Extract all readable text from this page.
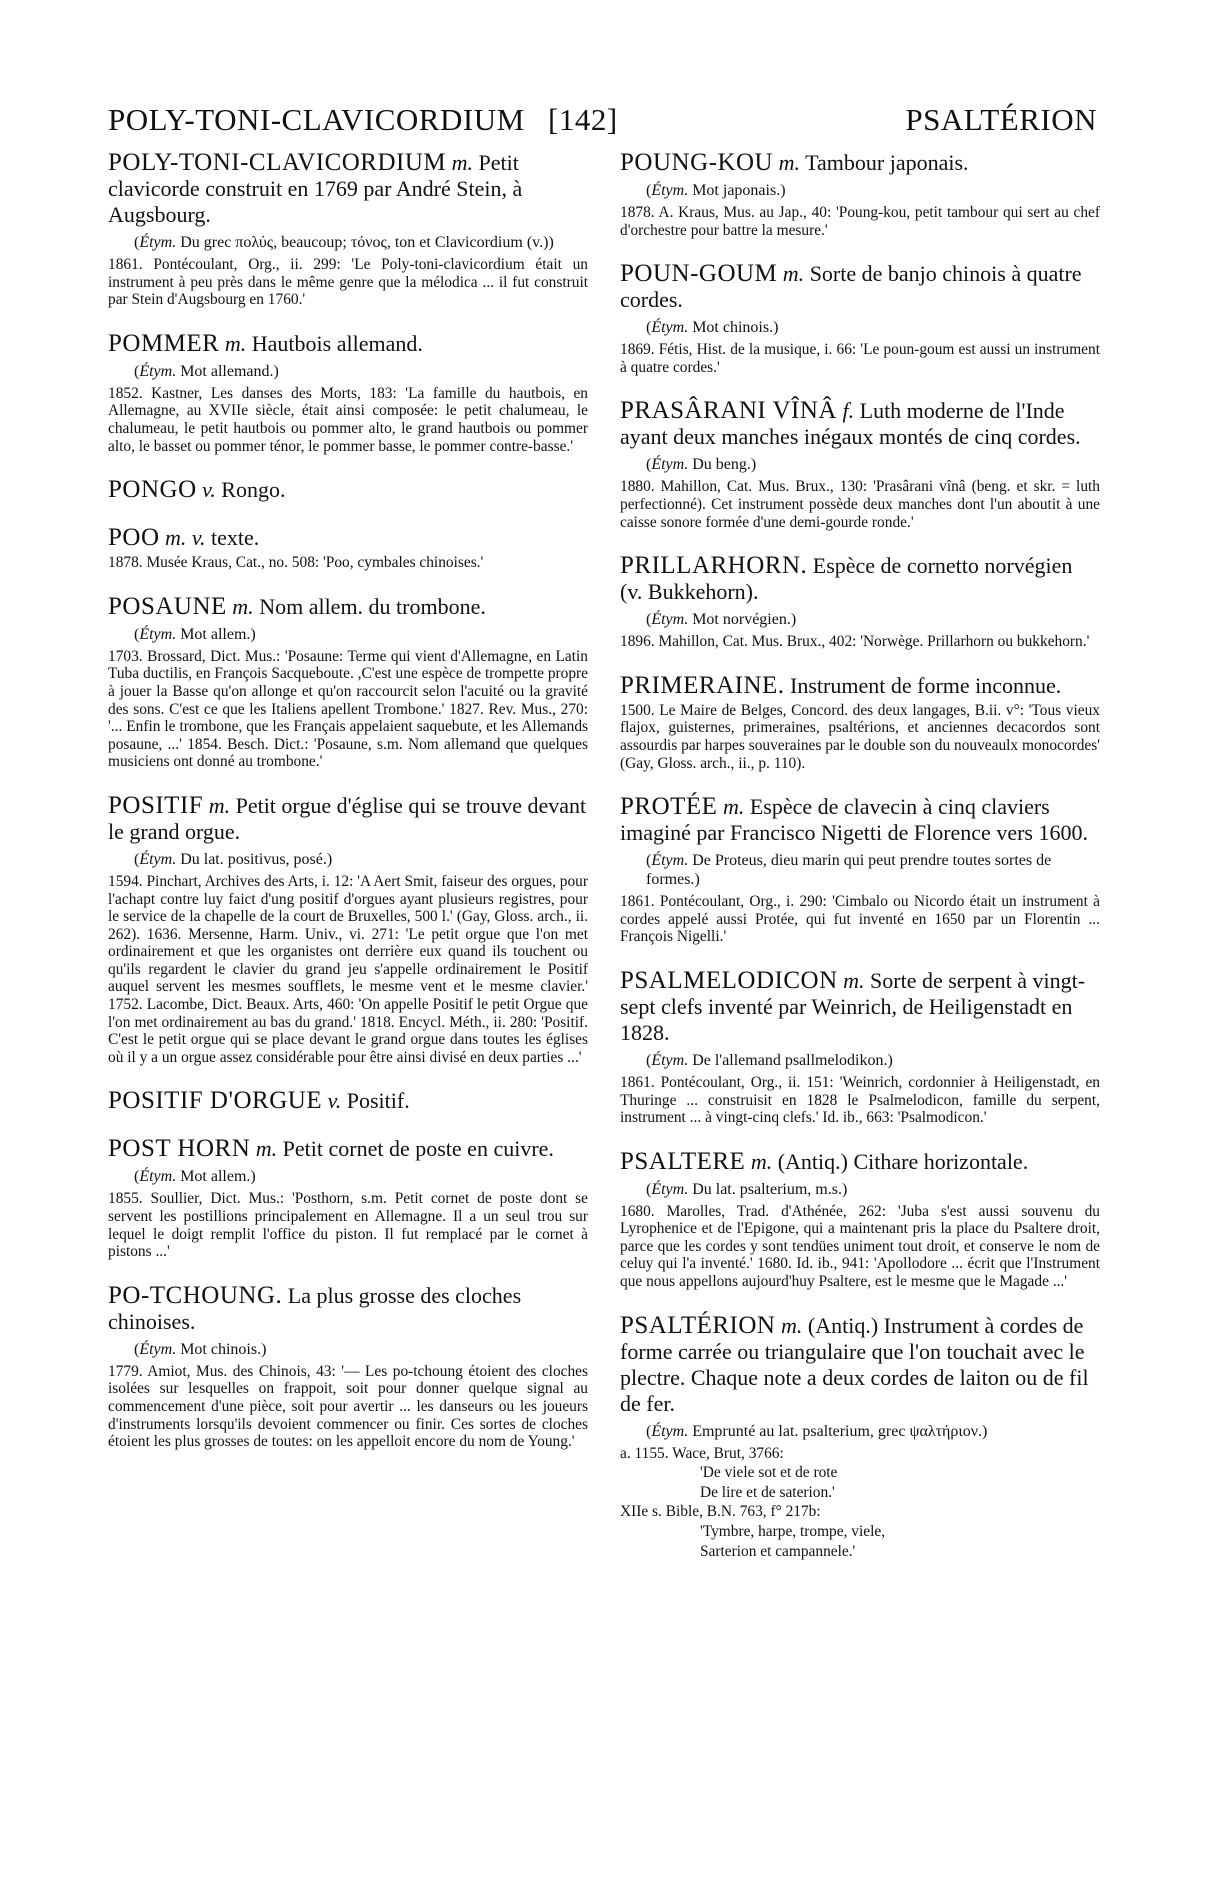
POLY-TONI-CLAVICORDIUM [142]	PSALTÉRION

POLY-TONI-CLAVICORDIUM m. Petit clavicorde construit en 1769 par André Stein, à Augsbourg.

(Étym. Du grec πολύς, beaucoup; τόνος, ton et Clavicordium (v.))

1861. Pontécoulant, Org., ii. 299: 'Le Poly-toni-clavicordium était un instrument à peu près dans le même genre que la mélodica ... il fut construit par Stein d'Augsbourg en 1760.'

POMMER m. Hautbois allemand.

(Étym. Mot allemand.)

1852. Kastner, Les danses des Morts, 183: 'La famille du hautbois, en Allemagne, au XVIIe siècle, était ainsi composée: le petit chalumeau, le chalumeau, le petit hautbois ou pommer alto, le grand hautbois ou pommer alto, le basset ou pommer ténor, le pommer basse, le pommer contre-basse.'

PONGO v. Rongo.

POO m. v. texte.

1878. Musée Kraus, Cat., no. 508: 'Poo, cymbales chinoises.'

POSAUNE m. Nom allem. du trombone.

(Étym. Mot allem.)

1703. Brossard, Dict. Mus.: 'Posaune: Terme qui vient d'Allemagne, en Latin Tuba ductilis, en François Sacqueboute. ,C'est une espèce de trompette propre à jouer la Basse qu'on allonge et qu'on raccourcit selon l'acuité ou la gravité des sons. C'est ce que les Italiens apellent Trombone.' 1827. Rev. Mus., 270: '... Enfin le trombone, que les Français appelaient saquebute, et les Allemands posaune, ...' 1854. Besch. Dict.: 'Posaune, s.m. Nom allemand que quelques musiciens ont donné au trombone.'

POSITIF m. Petit orgue d'église qui se trouve devant le grand orgue.

(Étym. Du lat. positivus, posé.)

1594. Pinchart, Archives des Arts, i. 12: 'A Aert Smit, faiseur des orgues, pour l'achapt contre luy faict d'ung positif d'orgues ayant plusieurs registres, pour le service de la chapelle de la court de Bruxelles, 500 l.' (Gay, Gloss. arch., ii. 262). 1636. Mersenne, Harm. Univ., vi. 271: 'Le petit orgue que l'on met ordinairement et que les organistes ont derrière eux quand ils touchent ou qu'ils regardent le clavier du grand jeu s'appelle ordinairement le Positif auquel servent les mesmes soufflets, le mesme vent et le mesme clavier.' 1752. Lacombe, Dict. Beaux. Arts, 460: 'On appelle Positif le petit Orgue que l'on met ordinairement au bas du grand.' 1818. Encycl. Méth., ii. 280: 'Positif. C'est le petit orgue qui se place devant le grand orgue dans toutes les églises où il y a un orgue assez considérable pour être ainsi divisé en deux parties ...'

POSITIF D'ORGUE v. Positif.

POST HORN m. Petit cornet de poste en cuivre.

(Étym. Mot allem.)

1855. Soullier, Dict. Mus.: 'Posthorn, s.m. Petit cornet de poste dont se servent les postillions principalement en Allemagne. Il a un seul trou sur lequel le doigt remplit l'office du piston. Il fut remplacé par le cornet à pistons ...'

PO-TCHOUNG. La plus grosse des cloches chinoises.

(Étym. Mot chinois.)

1779. Amiot, Mus. des Chinois, 43: '— Les po-tchoung étoient des cloches isolées sur lesquelles on frappoit, soit pour donner quelque signal au commencement d'une pièce, soit pour avertir ... les danseurs ou les joueurs d'instruments lorsqu'ils devoient commencer ou finir. Ces sortes de cloches étoient les plus grosses de toutes: on les appelloit encore du nom de Young.'

POUNG-KOU m. Tambour japonais.

(Étym. Mot japonais.)

1878. A. Kraus, Mus. au Jap., 40: 'Poung-kou, petit tambour qui sert au chef d'orchestre pour battre la mesure.'

POUN-GOUM m. Sorte de banjo chinois à quatre cordes.

(Étym. Mot chinois.)

1869. Fétis, Hist. de la musique, i. 66: 'Le poun-goum est aussi un instrument à quatre cordes.'

PRASÂRANI VÎNÂ f. Luth moderne de l'Inde ayant deux manches inégaux montés de cinq cordes.

(Étym. Du beng.)

1880. Mahillon, Cat. Mus. Brux., 130: 'Prasârani vînâ (beng. et skr. = luth perfectionné). Cet instrument possède deux manches dont l'un aboutit à une caisse sonore formée d'une demi-gourde ronde.'

PRILLARHORN. Espèce de cornetto norvégien (v. Bukkehorn).

(Étym. Mot norvégien.)

1896. Mahillon, Cat. Mus. Brux., 402: 'Norwège. Prillarhorn ou bukkehorn.'

PRIMERAINE. Instrument de forme inconnue.

1500. Le Maire de Belges, Concord. des deux langages, B.ii. v°: 'Tous vieux flajox, guisternes, primeraines, psaltérions, et anciennes decacordos sont assourdis par harpes souveraines par le double son du nouveaulx monocordes' (Gay, Gloss. arch., ii., p. 110).

PROTÉE m. Espèce de clavecin à cinq claviers imaginé par Francisco Nigetti de Florence vers 1600.

(Étym. De Proteus, dieu marin qui peut prendre toutes sortes de formes.)

1861. Pontécoulant, Org., i. 290: 'Cimbalo ou Nicordo était un instrument à cordes appelé aussi Protée, qui fut inventé en 1650 par un Florentin ... François Nigelli.'

PSALMELODICON m. Sorte de serpent à vingt-sept clefs inventé par Weinrich, de Heiligenstadt en 1828.

(Étym. De l'allemand psallmelodikon.)

1861. Pontécoulant, Org., ii. 151: 'Weinrich, cordonnier à Heiligenstadt, en Thuringe ... construisit en 1828 le Psalmelodicon, famille du serpent, instrument ... à vingt-cinq clefs.' Id. ib., 663: 'Psalmodicon.'

PSALTERE m. (Antiq.) Cithare horizontale.

(Étym. Du lat. psalterium, m.s.)

1680. Marolles, Trad. d'Athénée, 262: 'Juba s'est aussi souvenu du Lyrophenice et de l'Epigone, qui a maintenant pris la place du Psaltere droit, parce que les cordes y sont tendües uniment tout droit, et conserve le nom de celuy qui l'a inventé.' 1680. Id. ib., 941: 'Apollodore ... écrit que l'Instrument que nous appellons aujourd'huy Psaltere, est le mesme que le Magade ...'

PSALTÉRION m. (Antiq.) Instrument à cordes de forme carrée ou triangulaire que l'on touchait avec le plectre. Chaque note a deux cordes de laiton ou de fil de fer.

(Étym. Emprunté au lat. psalterium, grec ψαλτήριον.)

a. 1155. Wace, Brut, 3766:

'De viele sot et de rote

De lire et de saterion.'

XIIe s. Bible, B.N. 763, f° 217b:

'Tymbre, harpe, trompe, viele,

Sarterion et campannele.'
